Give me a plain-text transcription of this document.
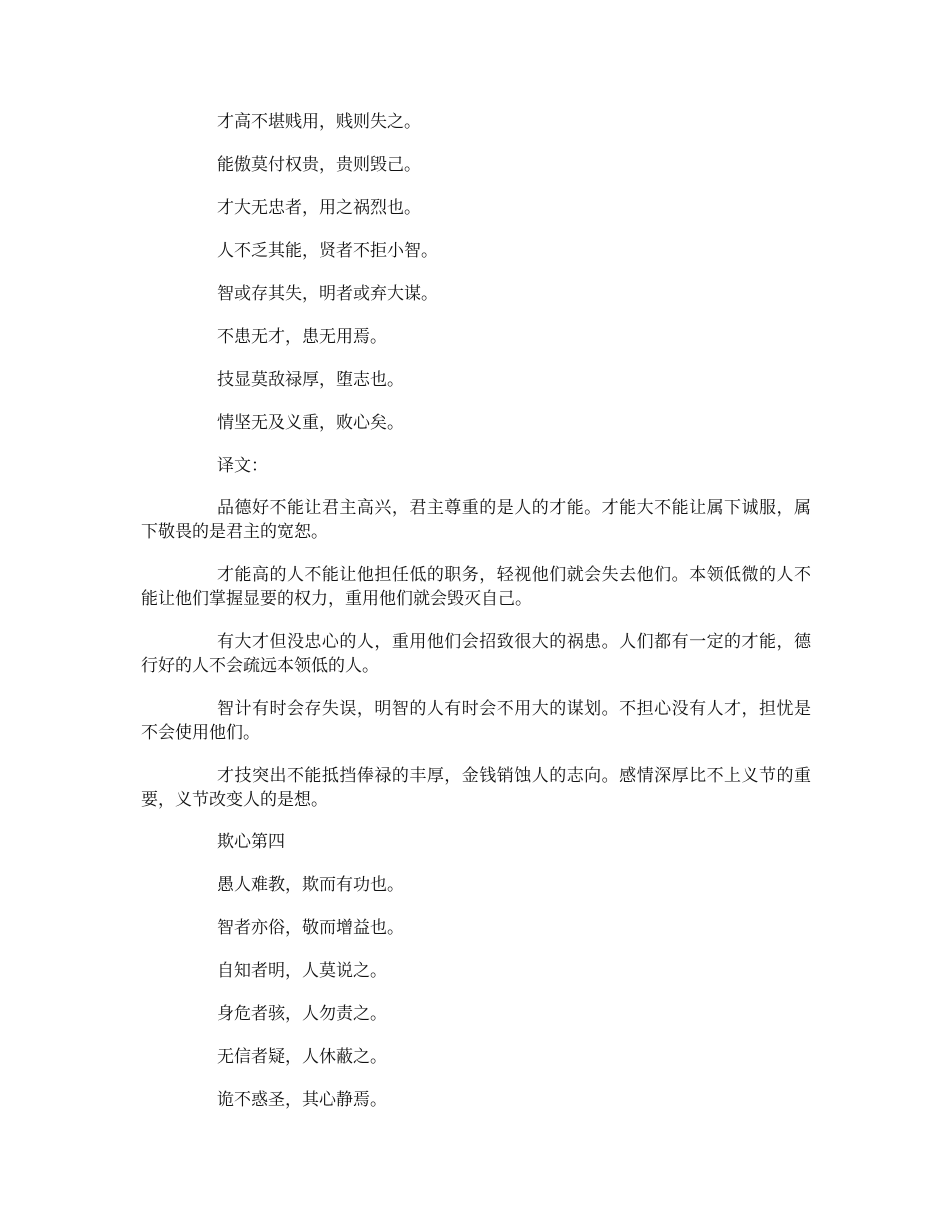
才高不堪贱用，贱则失之。

能傲莫付权贵，贵则毁己。

才大无忠者，用之祸烈也。

人不乏其能，贤者不拒小智。

智或存其失，明者或弃大谋。

不患无才，患无用焉。

技显莫敌禄厚，堕志也。

情坚无及义重，败心矣。

译文：

品德好不能让君主高兴，君主尊重的是人的才能。才能大不能让属下诚服，属下敬畏的是君主的宽恕。

才能高的人不能让他担任低的职务，轻视他们就会失去他们。本领低微的人不能让他们掌握显要的权力，重用他们就会毁灭自己。

有大才但没忠心的人，重用他们会招致很大的祸患。人们都有一定的才能，德行好的人不会疏远本领低的人。

智计有时会存失误，明智的人有时会不用大的谋划。不担心没有人才，担忧是不会使用他们。

才技突出不能抵挡俸禄的丰厚，金钱销蚀人的志向。感情深厚比不上义节的重要，义节改变人的是想。

欺心第四

愚人难教，欺而有功也。

智者亦俗，敬而增益也。

自知者明，人莫说之。

身危者骇，人勿责之。

无信者疑，人休蔽之。

诡不惑圣，其心静焉。
